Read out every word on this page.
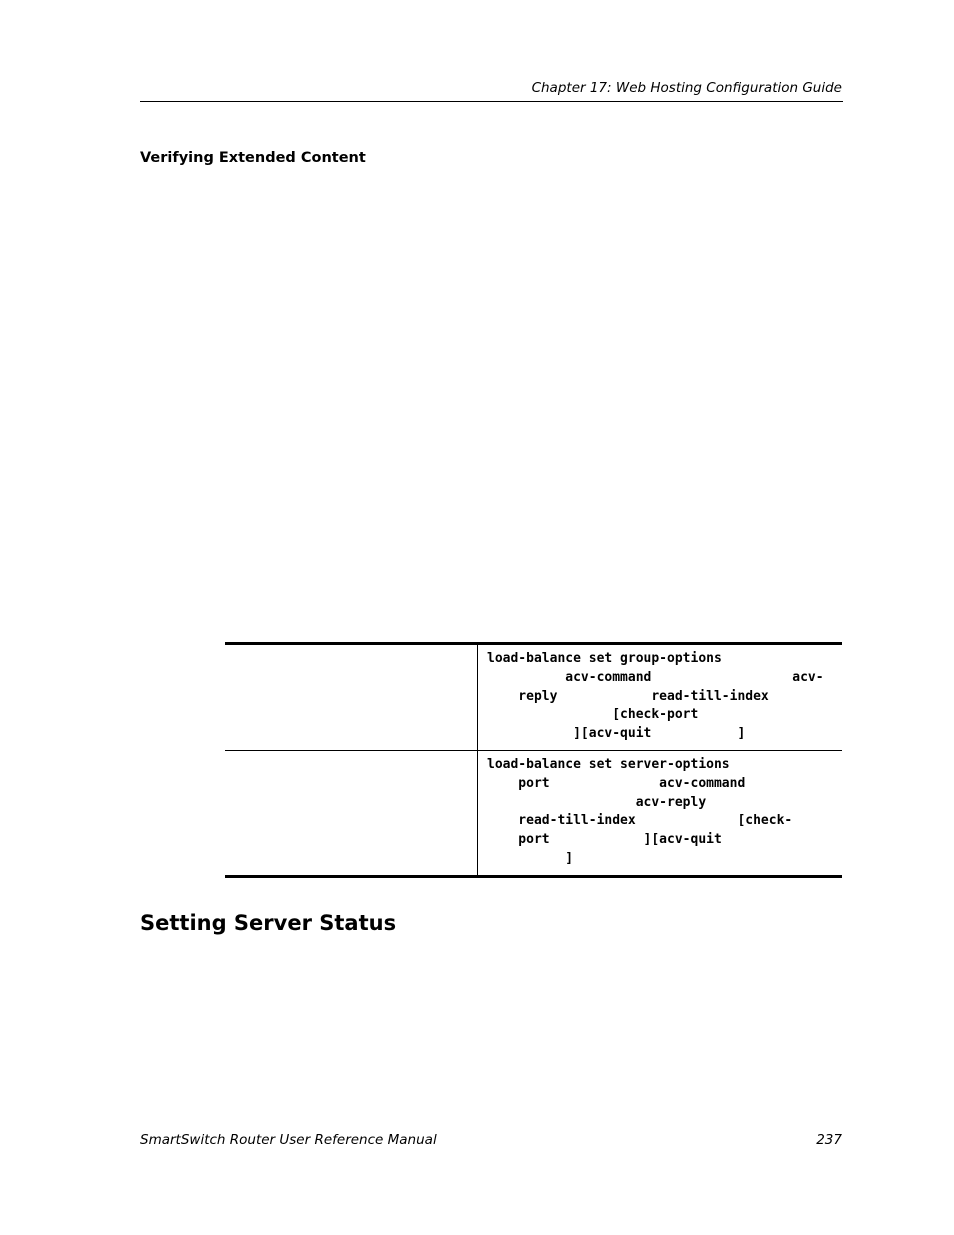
Chapter 17: Web Hosting Configuration Guide
Verifying Extended Content
load-balance set group-options
acv-command                  acv-
reply            read-till-index
[check-port
][acv-quit           ]
load-balance set server-options
port              acv-command
acv-reply
read-till-index             [check-
port            ][acv-quit
]
Setting Server Status
SmartSwitch Router User Reference Manual	237
